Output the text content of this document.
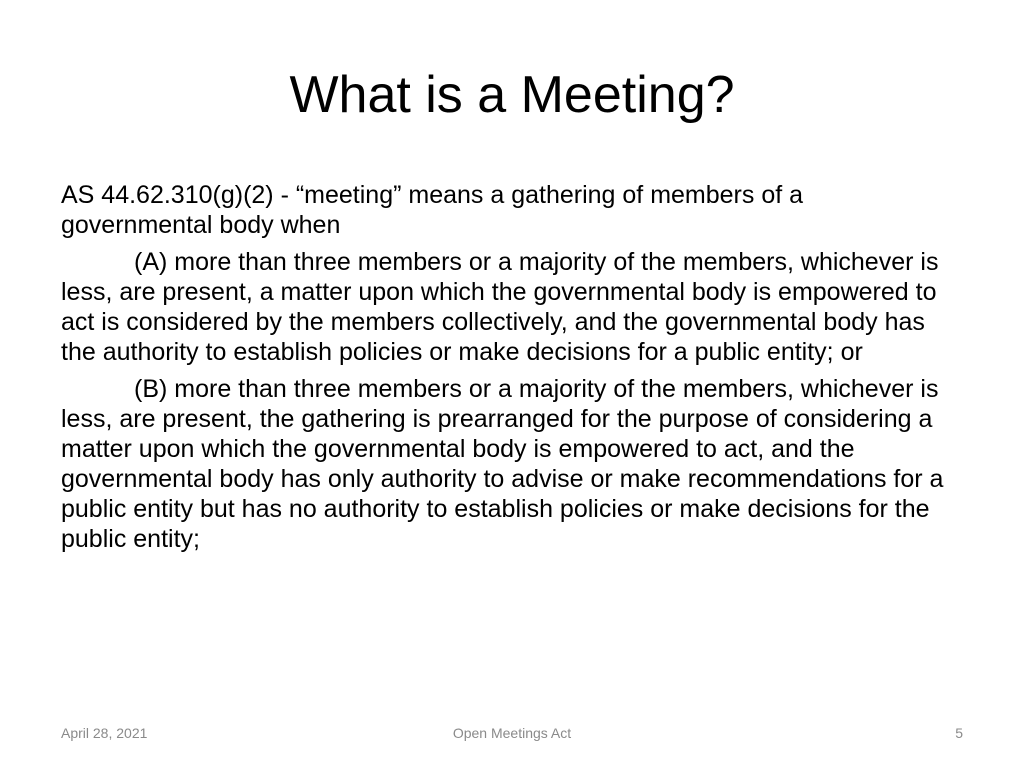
What is a Meeting?

AS 44.62.310(g)(2) - “meeting” means a gathering of members of a governmental body when

(A) more than three members or a majority of the members, whichever is less, are present, a matter upon which the governmental body is empowered to act is considered by the members collectively, and the governmental body has the authority to establish policies or make decisions for a public entity; or

(B) more than three members or a majority of the members, whichever is less, are present, the gathering is prearranged for the purpose of considering a matter upon which the governmental body is empowered to act, and the governmental body has only authority to advise or make recommendations for a public entity but has no authority to establish policies or make decisions for the public entity;

April 28, 2021	Open Meetings Act	5
